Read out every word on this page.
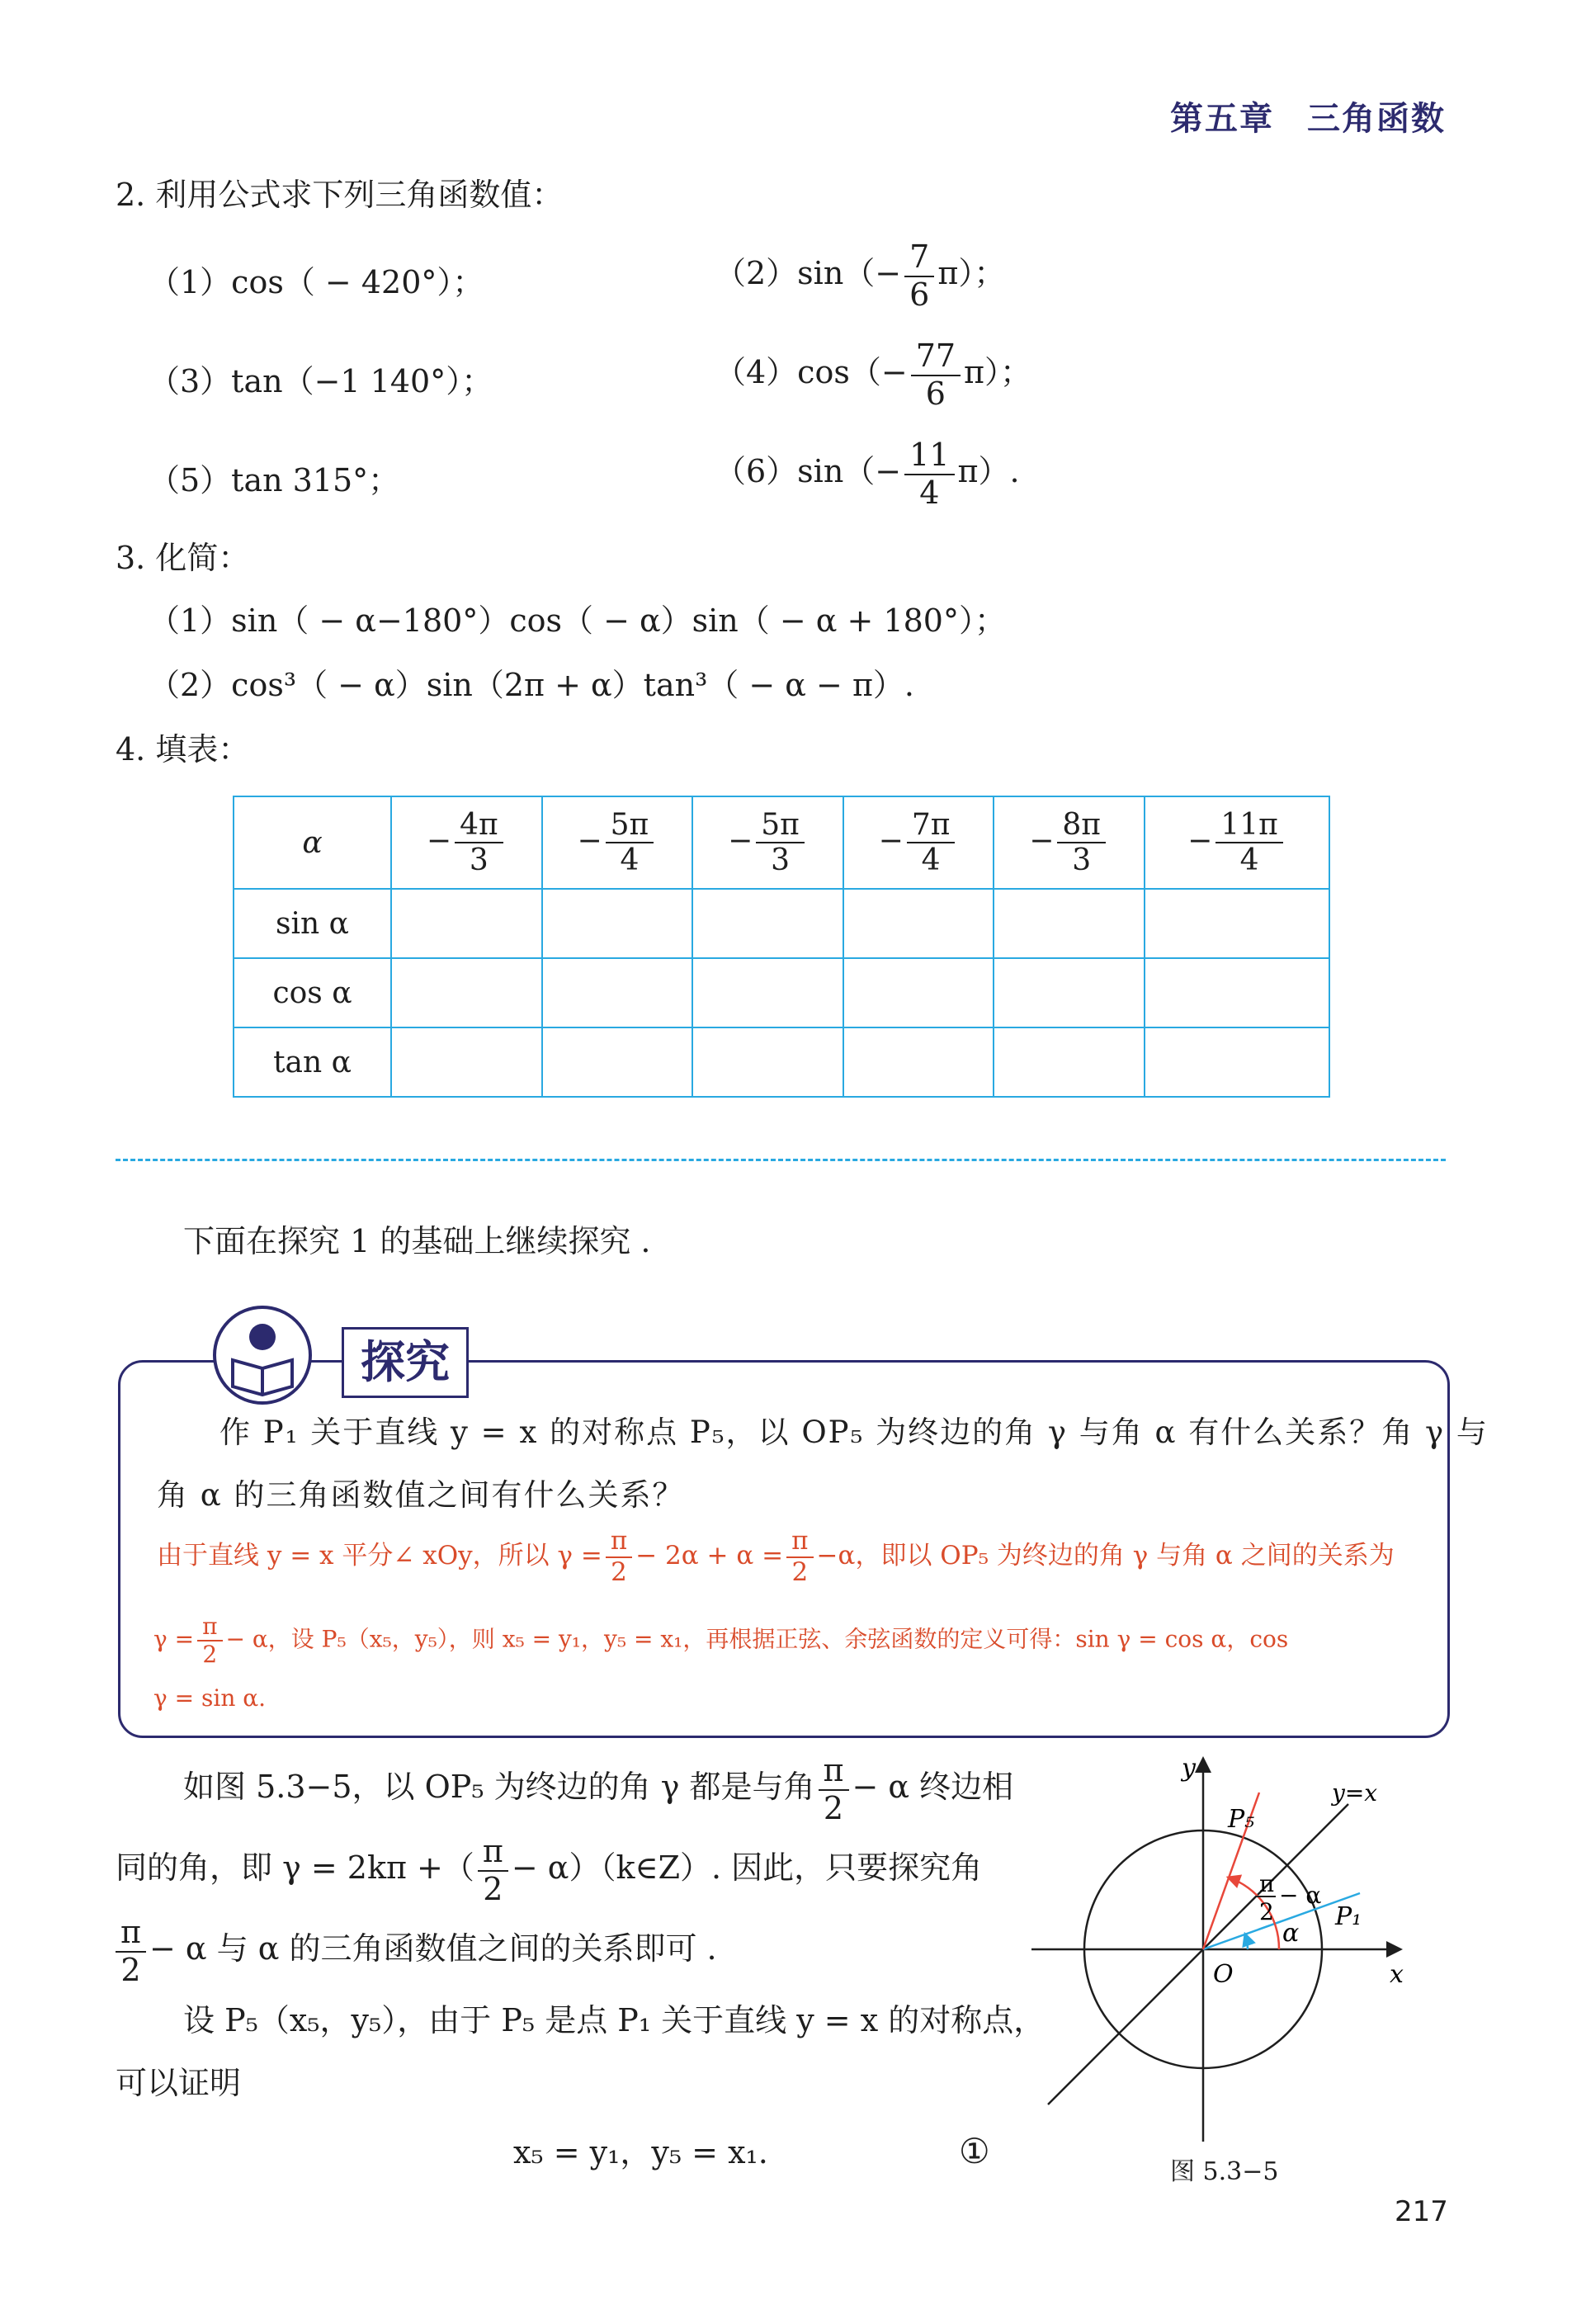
第五章 三角函数
2. 利用公式求下列三角函数值：
（1）cos（ − 420°）；	$(2)\sin(- \frac{7}{6} \pi)$；
（3）tan（−1 140°）；	$(4)\cos(- \frac{77}{6} \pi)$；
（5）tan 315°；	$(6)\sin(- \frac{11}{4} \pi)$.
3. 化简：
（1）sin（ − α−180°）cos（ − α）sin（ − α + 180°）；
（2）cos³（ − α）sin（2π + α）tan³（ − α − π）.
4. 填表：
α	− $\frac{4\pi}{3}$	− $\frac{5\pi}{4}$	− $\frac{5\pi}{3}$	− $\frac{7\pi}{4}$	− $\frac{8\pi}{3}$	− $\frac{11\pi}{4}$

sin α						
cos α						
tan α						
下面在探究 1 的基础上继续探究 .
探究
作 P₁ 关于直线 y = x 的对称点 P₅，以 OP₅ 为终边的角 γ 与角 α 有什么关系？角 γ 与
角 α 的三角函数值之间有什么关系？
由于直线 y = x 平分∠ xOy，所以 $\gamma = \frac{\pi}{2} - 2\alpha + \alpha = \frac{\pi}{2} -\alpha$，即以 OP₅ 为终边的角 γ 与角 α 之间的关系为
$\gamma = \frac{\pi}{2} - \alpha$，设 P₅（x₅，y₅），则 x₅ = y₁，y₅ = x₁，再根据正弦、余弦函数的定义可得：sin γ = cos α，cos
γ = sin α.
如图 5.3−5，以 OP₅ 为终边的角 γ 都是与角 $\frac{\pi}{2} - \alpha$ 终边相
同的角，即 γ = 2kπ +（ $\frac{\pi}{2}$ − α）（k∈Z）. 因此，只要探究角
$\frac{\pi}{2} - \alpha$ 与 α 的三角函数值之间的关系即可 .
设 P₅（x₅，y₅），由于 P₅ 是点 P₁ 关于直线 y = x 的对称点，
可以证明
x₅ = y₁，y₅ = x₁.	①
y
x
O
y=x
P₅
P₁
α
π
2
− α
图 5.3−5
217
